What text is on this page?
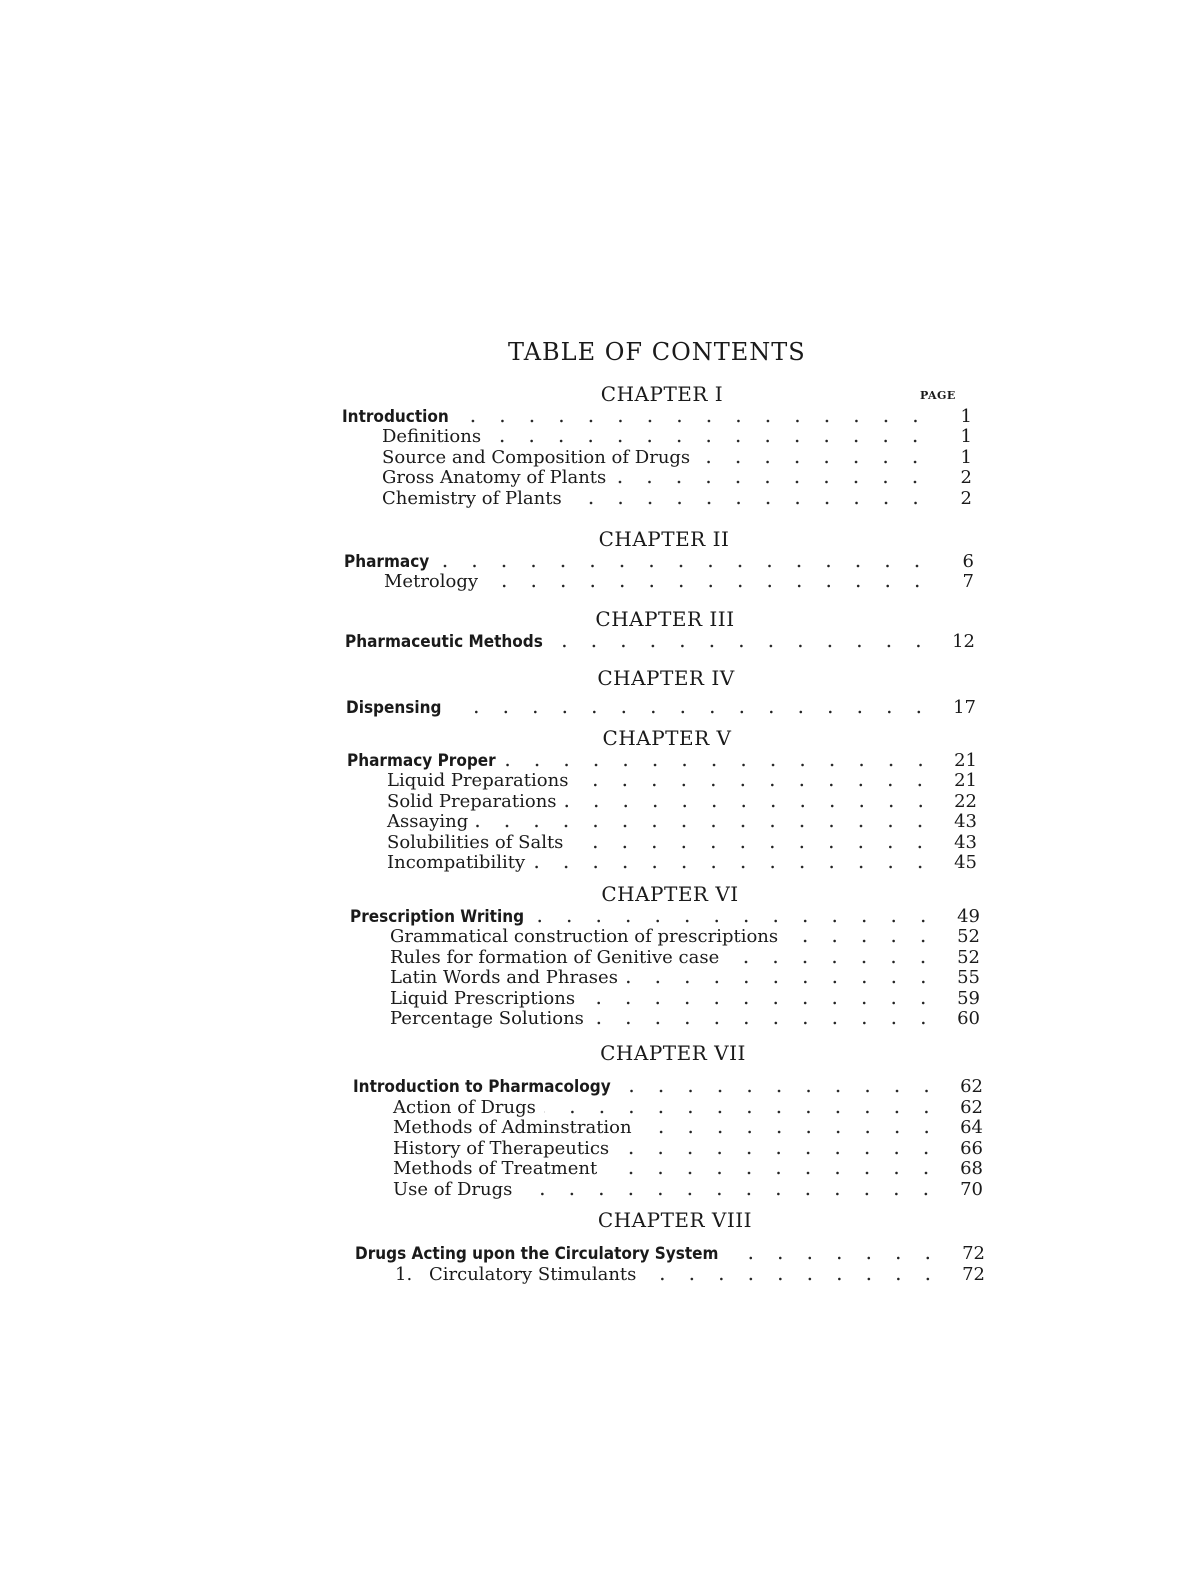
TABLE OF CONTENTS
PAGE
CHAPTER I
Introduction	1
Definitions	1
Source and Composition of Drugs	1
Gross Anatomy of Plants	2
Chemistry of Plants	2
CHAPTER II
Pharmacy	6
Metrology	7
CHAPTER III
Pharmaceutic Methods	12
CHAPTER IV
Dispensing	17
CHAPTER V
Pharmacy Proper	21
Liquid Preparations	21
Solid Preparations	22
Assaying	43
Solubilities of Salts	43
Incompatibility	45
CHAPTER VI
Prescription Writing	49
Grammatical construction of prescriptions	52
Rules for formation of Genitive case	52
Latin Words and Phrases	55
Liquid Prescriptions	59
Percentage Solutions	60
CHAPTER VII
Introduction to Pharmacology	62
Action of Drugs	62
Methods of Adminstration	64
History of Therapeutics	66
Methods of Treatment	68
Use of Drugs	70
CHAPTER VIII
Drugs Acting upon the Circulatory System	72
1. Circulatory Stimulants	72
